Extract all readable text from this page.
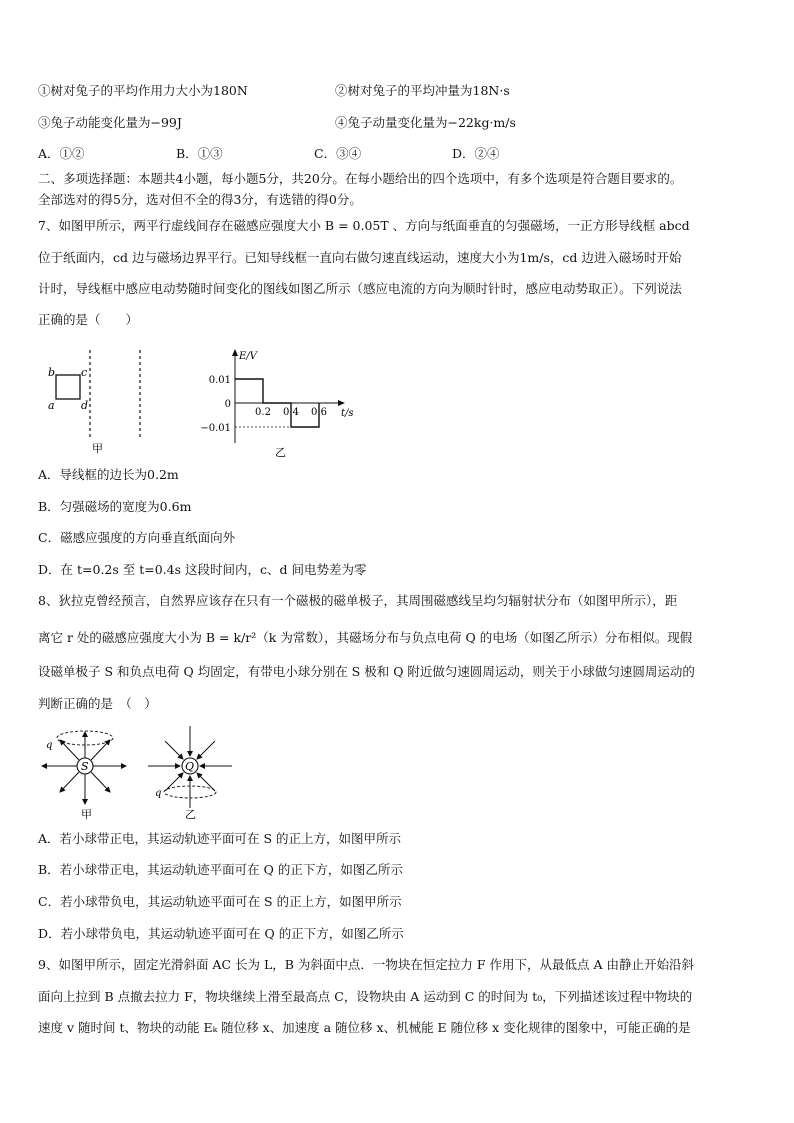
①树对兔子的平均作用力大小为180N	②树对兔子的平均冲量为18N·s
③兔子动能变化量为−99J	④兔子动量变化量为−22kg·m/s
A．①②	B．①③	C．③④	D．②④
二、多项选择题：本题共4小题，每小题5分，共20分。在每小题给出的四个选项中，有多个选项是符合题目要求的。
全部选对的得5分，选对但不全的得3分，有选错的得0分。
7、如图甲所示，两平行虚线间存在磁感应强度大小 B = 0.05T 、方向与纸面垂直的匀强磁场，一正方形导线框 abcd
位于纸面内，cd 边与磁场边界平行。已知导线框一直向右做匀速直线运动，速度大小为1m/s，cd 边进入磁场时开始
计时，导线框中感应电动势随时间变化的图线如图乙所示（感应电流的方向为顺时针时，感应电动势取正）。下列说法
正确的是（　　）
b c
a d
甲
E/V
t/s
0.01
0
−0.01
0.2 0.4 0.6
乙
A．导线框的边长为0.2m
B．匀强磁场的宽度为0.6m
C．磁感应强度的方向垂直纸面向外
D．在 t=0.2s 至 t=0.4s 这段时间内，c、d 间电势差为零
8、狄拉克曾经预言，自然界应该存在只有一个磁极的磁单极子，其周围磁感线呈均匀辐射状分布（如图甲所示），距
离它 r 处的磁感应强度大小为 B = k/r²（k 为常数），其磁场分布与负点电荷 Q 的电场（如图乙所示）分布相似。现假
设磁单极子 S 和负点电荷 Q 均固定，有带电小球分别在 S 极和 Q 附近做匀速圆周运动，则关于小球做匀速圆周运动的
判断正确的是　（　）
S
q
甲
Q
q
乙
A．若小球带正电，其运动轨迹平面可在 S 的正上方，如图甲所示
B．若小球带正电，其运动轨迹平面可在 Q 的正下方，如图乙所示
C．若小球带负电，其运动轨迹平面可在 S 的正上方，如图甲所示
D．若小球带负电，其运动轨迹平面可在 Q 的正下方，如图乙所示
9、如图甲所示，固定光滑斜面 AC 长为 L，B 为斜面中点．一物块在恒定拉力 F 作用下，从最低点 A 由静止开始沿斜
面向上拉到 B 点撤去拉力 F，物块继续上滑至最高点 C，设物块由 A 运动到 C 的时间为 t₀，下列描述该过程中物块的
速度 v 随时间 t、物块的动能 Eₖ 随位移 x、加速度 a 随位移 x、机械能 E 随位移 x 变化规律的图象中，可能正确的是
